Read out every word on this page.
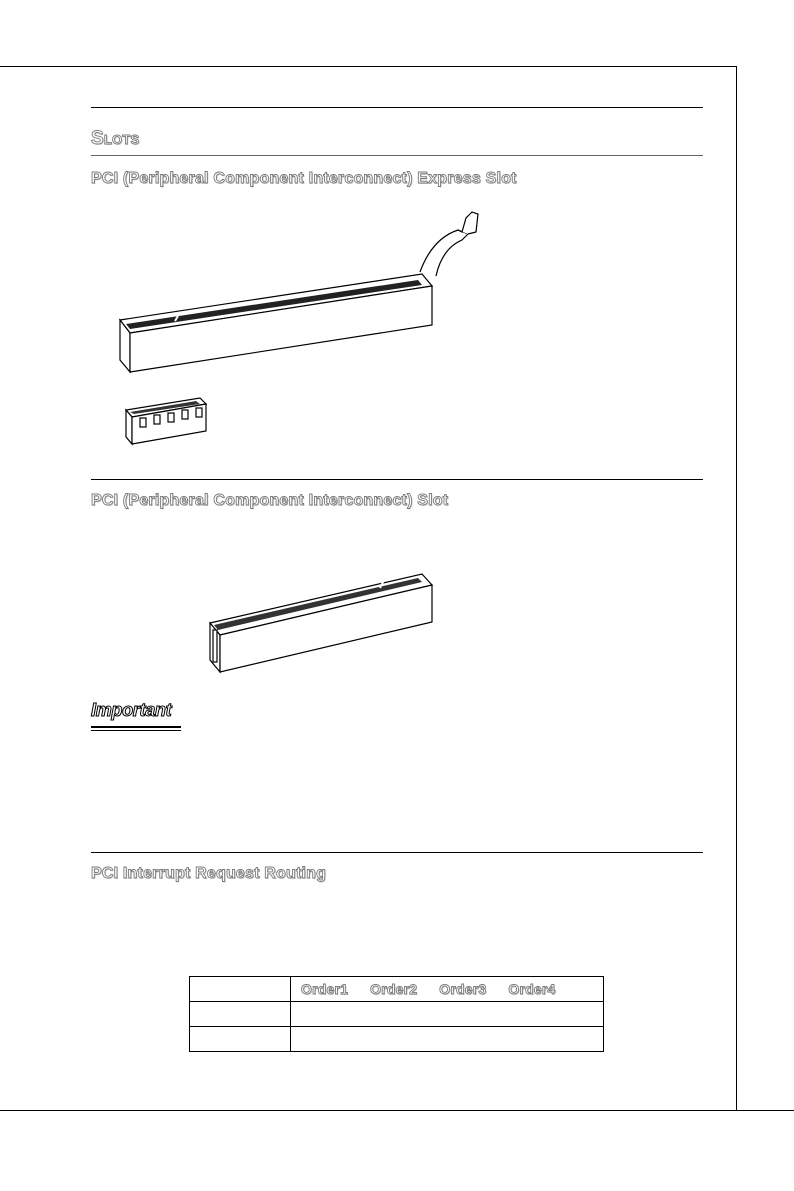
Slots
PCI (Peripheral Component Interconnect) Express Slot
PCI (Peripheral Component Interconnect) Slot
Important
PCI Interrupt Request Routing

	Order1 Order2 Order3 Order4
